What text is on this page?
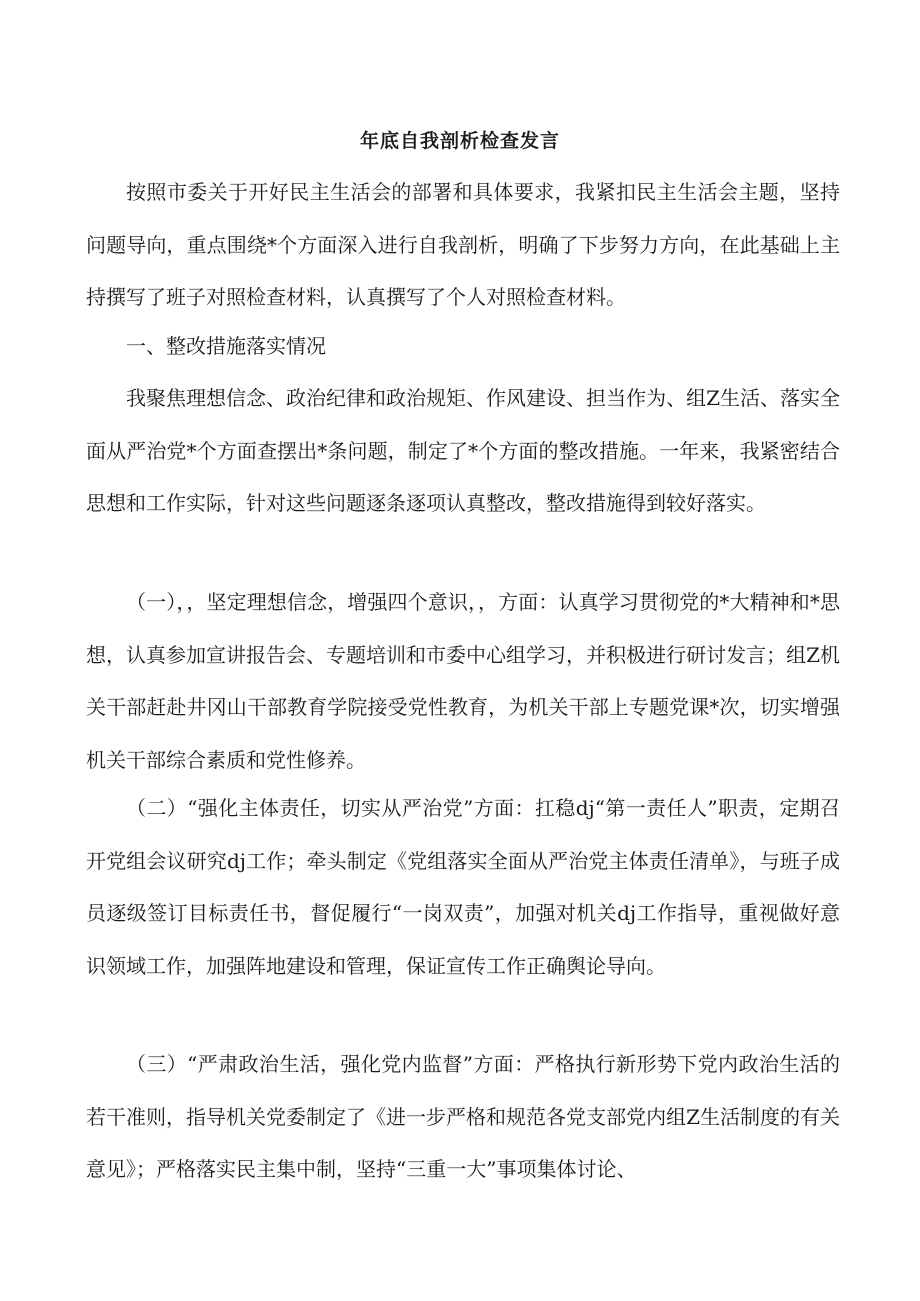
年底自我剖析检查发言

按照市委关于开好民主生活会的部署和具体要求，我紧扣民主生活会主题，坚持问题导向，重点围绕*个方面深入进行自我剖析，明确了下步努力方向，在此基础上主持撰写了班子对照检查材料，认真撰写了个人对照检查材料。

一、整改措施落实情况

我聚焦理想信念、政治纪律和政治规矩、作风建设、担当作为、组Z生活、落实全面从严治党*个方面查摆出*条问题，制定了*个方面的整改措施。一年来，我紧密结合思想和工作实际，针对这些问题逐条逐项认真整改，整改措施得到较好落实。

（一），，坚定理想信念，增强四个意识，，方面：认真学习贯彻党的*大精神和*思想，认真参加宣讲报告会、专题培训和市委中心组学习，并积极进行研讨发言；组Z机关干部赶赴井冈山干部教育学院接受党性教育，为机关干部上专题党课*次，切实增强机关干部综合素质和党性修养。

（二）“强化主体责任，切实从严治党”方面：扛稳dj“第一责任人”职责，定期召开党组会议研究dj工作；牵头制定《党组落实全面从严治党主体责任清单》，与班子成员逐级签订目标责任书，督促履行“一岗双责”，加强对机关dj工作指导，重视做好意识领域工作，加强阵地建设和管理，保证宣传工作正确舆论导向。

（三）“严肃政治生活，强化党内监督”方面：严格执行新形势下党内政治生活的若干准则，指导机关党委制定了《进一步严格和规范各党支部党内组Z生活制度的有关意见》；严格落实民主集中制，坚持“三重一大”事项集体讨论、
